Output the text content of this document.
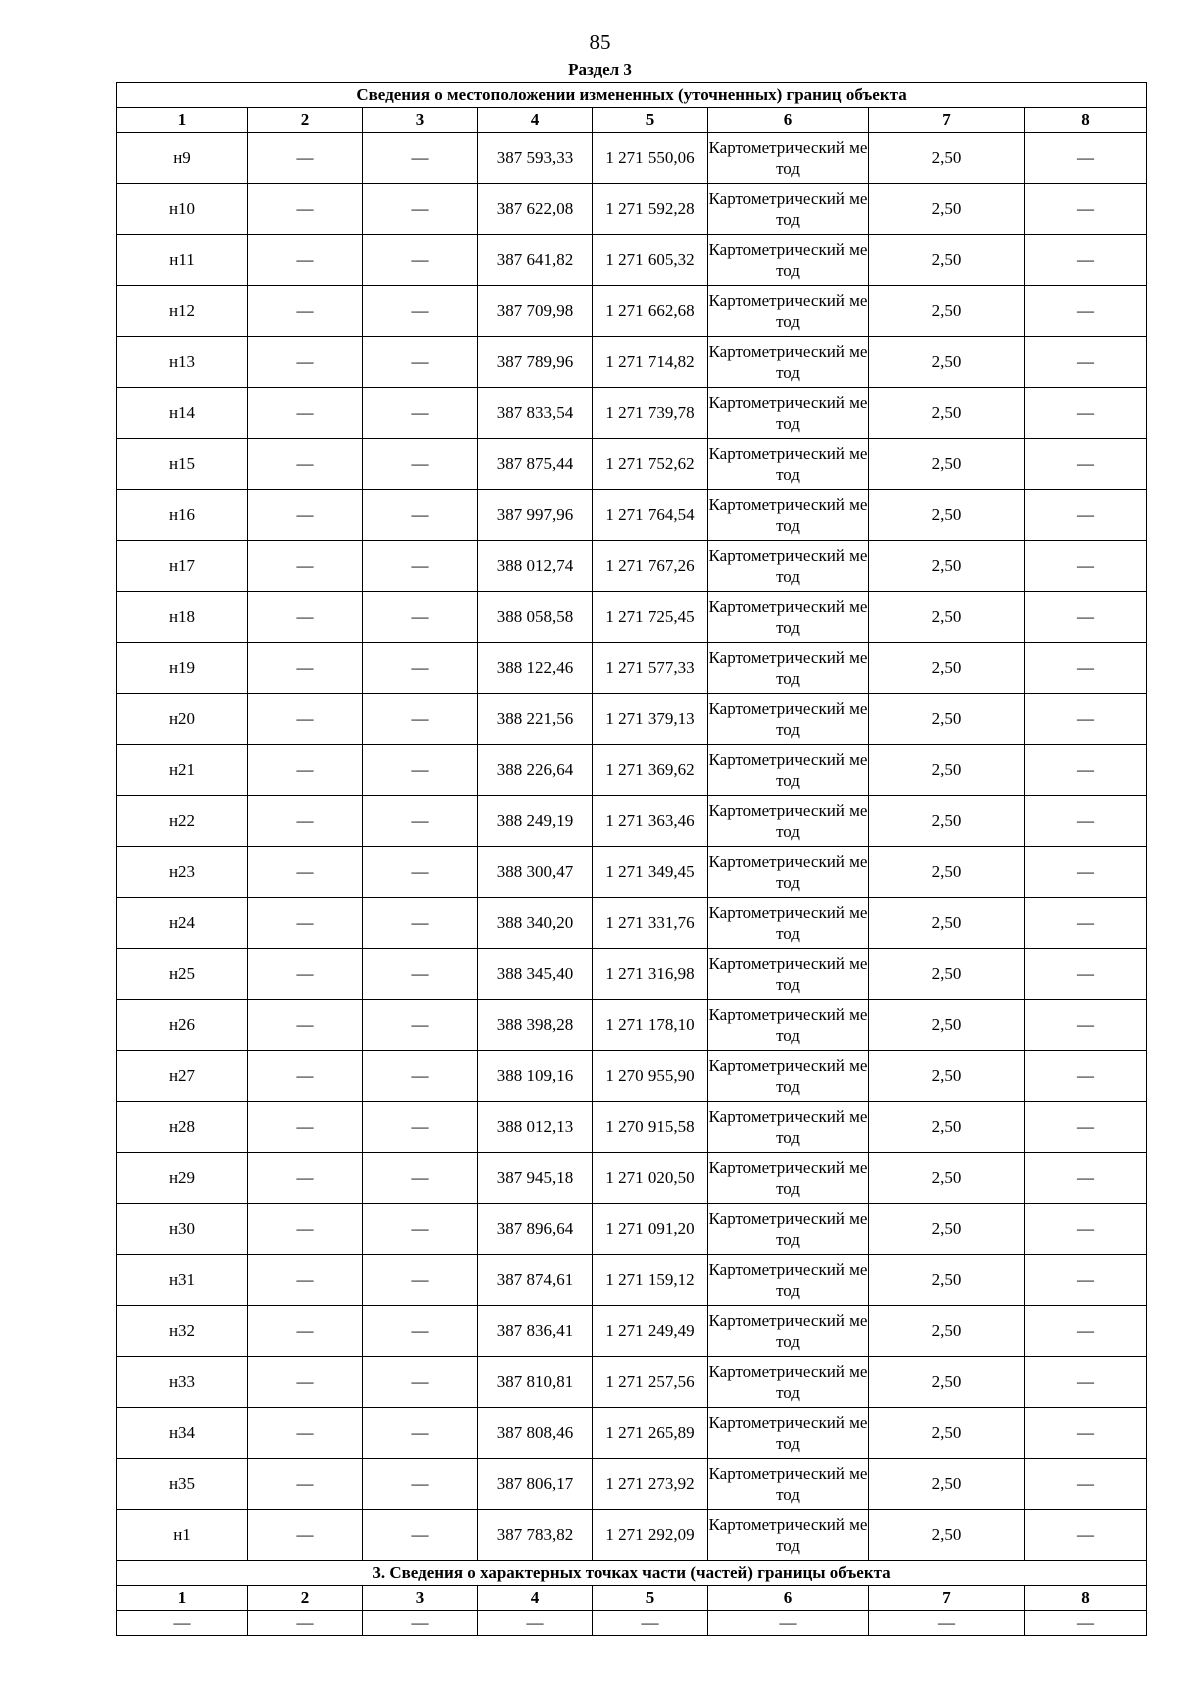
85
Раздел 3
Сведения о местоположении измененных (уточненных) границ объекта							
1	2	3	4	5	6	7	8
н9	—	—	387 593,33	1 271 550,06	Картометрический метод	2,50	—
н10	—	—	387 622,08	1 271 592,28	Картометрический метод	2,50	—
н11	—	—	387 641,82	1 271 605,32	Картометрический метод	2,50	—
н12	—	—	387 709,98	1 271 662,68	Картометрический метод	2,50	—
н13	—	—	387 789,96	1 271 714,82	Картометрический метод	2,50	—
н14	—	—	387 833,54	1 271 739,78	Картометрический метод	2,50	—
н15	—	—	387 875,44	1 271 752,62	Картометрический метод	2,50	—
н16	—	—	387 997,96	1 271 764,54	Картометрический метод	2,50	—
н17	—	—	388 012,74	1 271 767,26	Картометрический метод	2,50	—
н18	—	—	388 058,58	1 271 725,45	Картометрический метод	2,50	—
н19	—	—	388 122,46	1 271 577,33	Картометрический метод	2,50	—
н20	—	—	388 221,56	1 271 379,13	Картометрический метод	2,50	—
н21	—	—	388 226,64	1 271 369,62	Картометрический метод	2,50	—
н22	—	—	388 249,19	1 271 363,46	Картометрический метод	2,50	—
н23	—	—	388 300,47	1 271 349,45	Картометрический метод	2,50	—
н24	—	—	388 340,20	1 271 331,76	Картометрический метод	2,50	—
н25	—	—	388 345,40	1 271 316,98	Картометрический метод	2,50	—
н26	—	—	388 398,28	1 271 178,10	Картометрический метод	2,50	—
н27	—	—	388 109,16	1 270 955,90	Картометрический метод	2,50	—
н28	—	—	388 012,13	1 270 915,58	Картометрический метод	2,50	—
н29	—	—	387 945,18	1 271 020,50	Картометрический метод	2,50	—
н30	—	—	387 896,64	1 271 091,20	Картометрический метод	2,50	—
н31	—	—	387 874,61	1 271 159,12	Картометрический метод	2,50	—
н32	—	—	387 836,41	1 271 249,49	Картометрический метод	2,50	—
н33	—	—	387 810,81	1 271 257,56	Картометрический метод	2,50	—
н34	—	—	387 808,46	1 271 265,89	Картометрический метод	2,50	—
н35	—	—	387 806,17	1 271 273,92	Картометрический метод	2,50	—
н1	—	—	387 783,82	1 271 292,09	Картометрический метод	2,50	—
3. Сведения о характерных точках части (частей) границы объекта							
1	2	3	4	5	6	7	8
—	—	—	—	—	—	—	—
